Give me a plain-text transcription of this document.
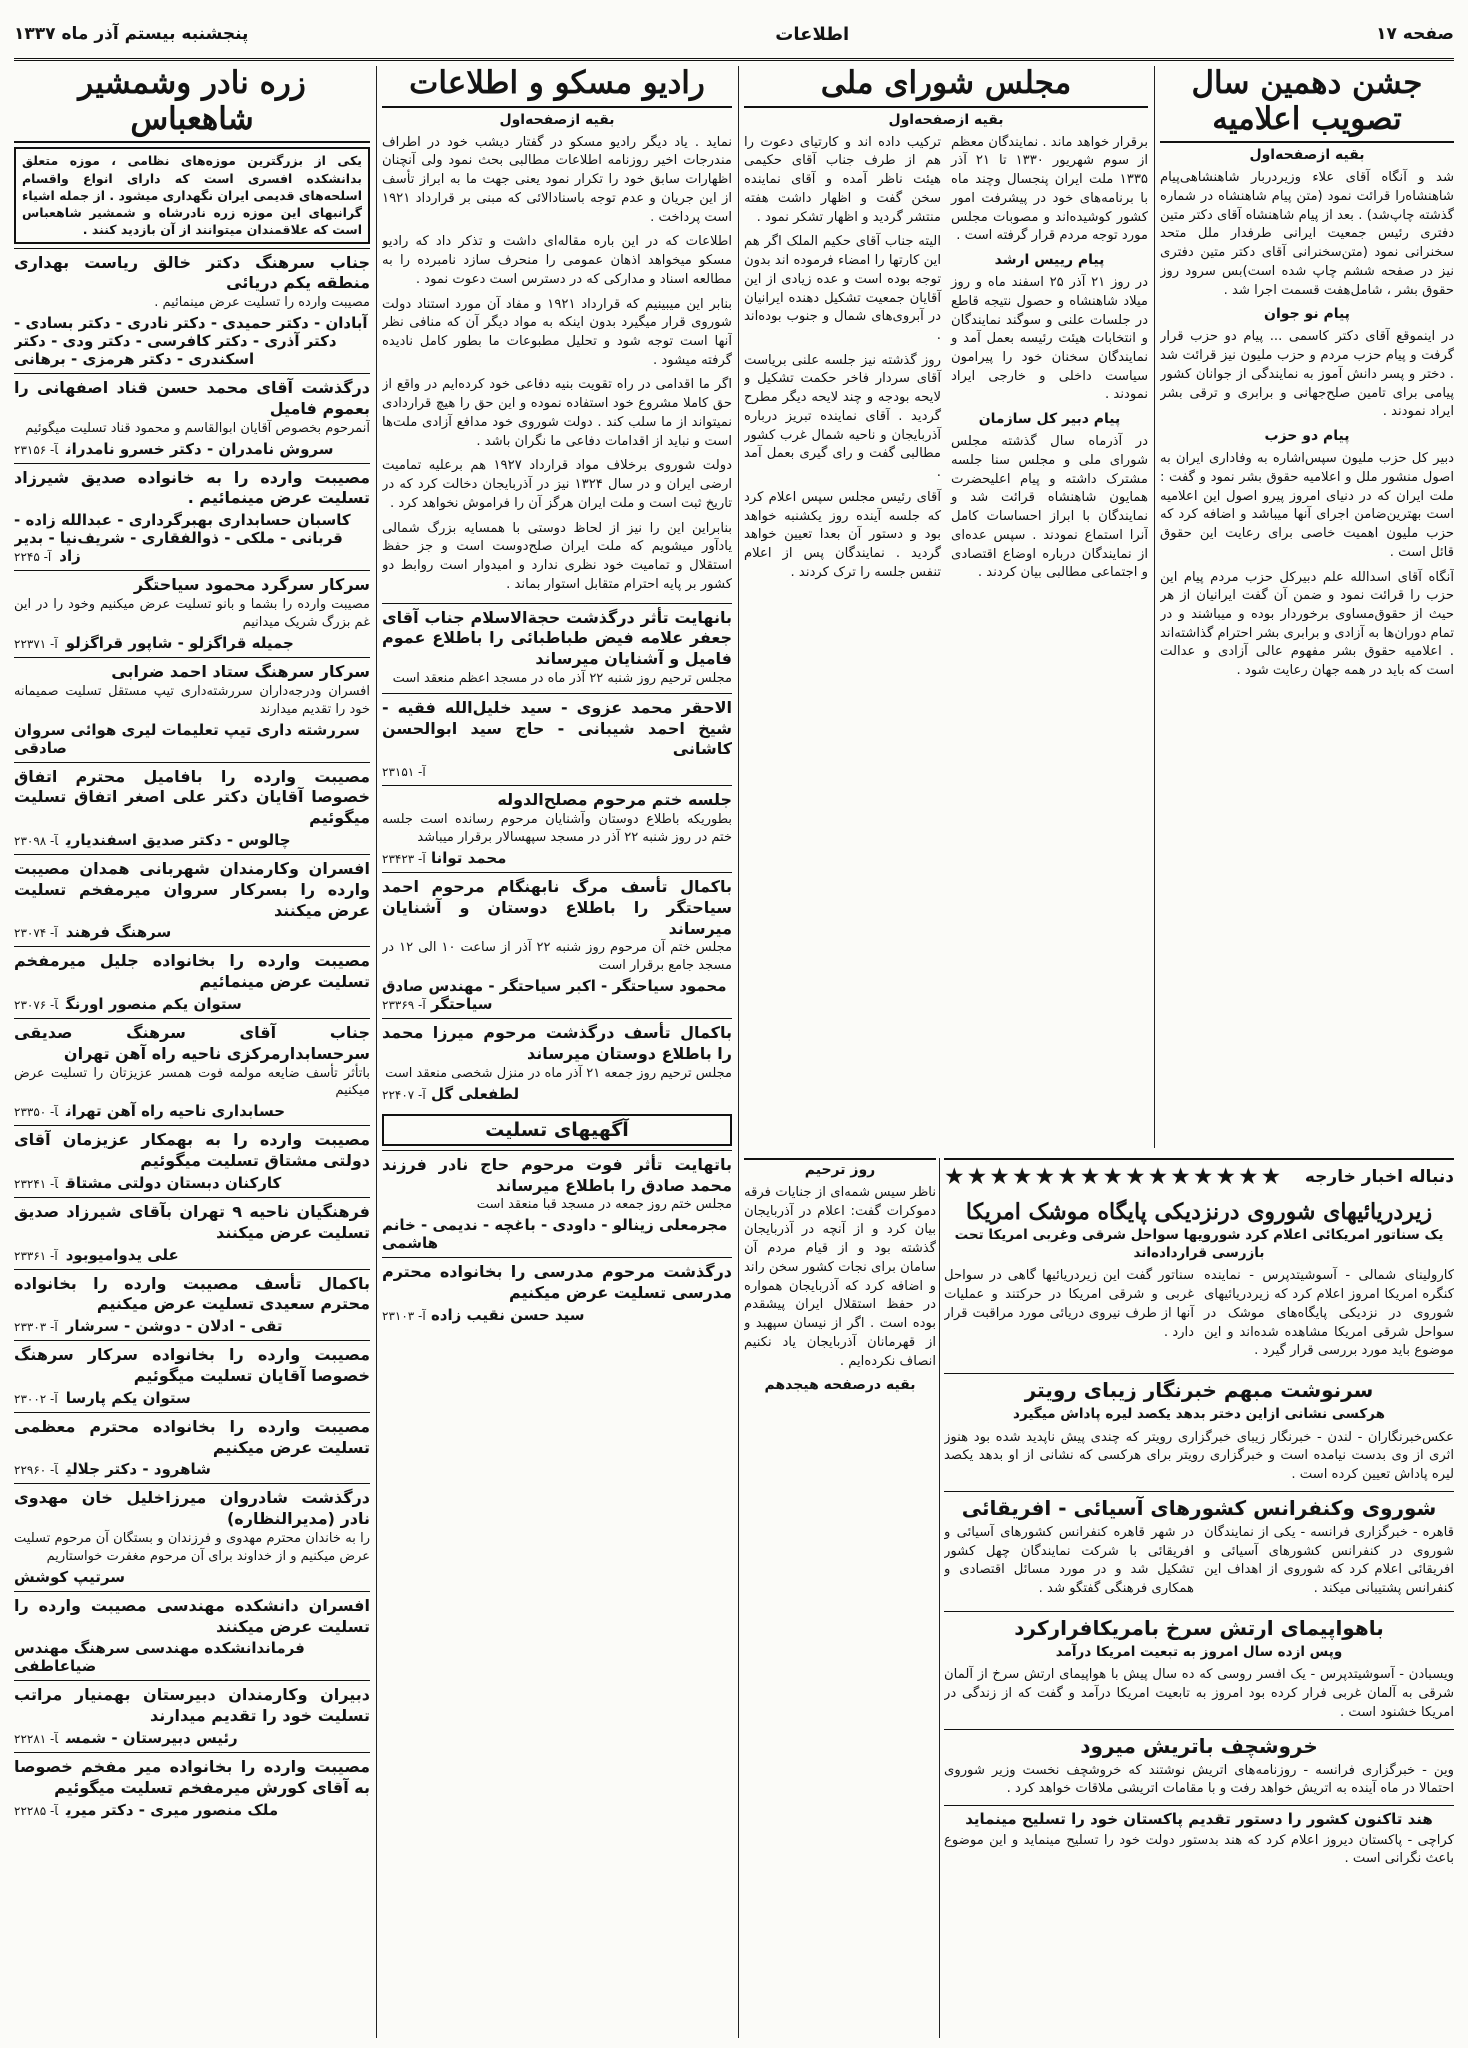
صفحه ۱۷
اطلاعات
پنجشنبه بیستم آذر ماه ۱۳۳۷
جشن دهمین سال تصویب اعلامیه
بقیه ازصفحه‌اول

شد و آنگاه آقای علاء وزیردربار شاهنشاهی‌پیام شاهنشاه‌را قرائت نمود (متن پیام شاهنشاه در شماره گذشته چاپ‌شد) . بعد از پیام شاهنشاه آقای دکتر متین دفتری رئیس جمعیت ایرانی طرفدار ملل متحد سخنرانی نمود (متن‌سخنرانی آقای دکتر متین دفتری نیز در صفحه ششم چاپ شده است)‌بس سرود روز حقوق بشر ، شامل‌هفت قسمت اجرا شد .

پیام نو جوان

در اینموقع آقای دکتر کاسمی ... پیام دو حزب قرار گرفت و پیام حزب مردم و حزب ملیون نیز قرائت شد . دختر و پسر دانش آموز به نمایندگی از جوانان کشور پیامی برای تامین صلح‌جهانی و برابری و ترقی بشر ایراد نمودند .

پیام دو حزب

دبیر کل حزب ملیون سپس‌اشاره به وفاداری ایران به اصول منشور ملل و اعلامیه حقوق بشر نمود و گفت : ملت ایران که در دنیای امروز پیرو اصول این اعلامیه است بهترین‌ضامن اجرای آنها میباشد و اضافه کرد که حزب ملیون اهمیت خاصی برای رعایت این حقوق قائل است .

آنگاه آقای اسدالله علم دبیرکل حزب مردم پیام این حزب را قرائت نمود و ضمن آن گفت ایرانیان از هر حیث از حقوق‌مساوی برخوردار بوده و میباشند و در تمام دوران‌ها به آزادی و برابری بشر احترام گذاشته‌اند . اعلامیه حقوق بشر مفهوم عالی آزادی و عدالت است که باید در همه جهان رعایت شود .

مجلس شورای ملی
بقیه ازصفحه‌اول

برقرار خواهد ماند . نمایندگان معظم از سوم شهریور ۱۳۳۰ تا ۲۱ آذر ۱۳۳۵ ملت ایران پنجسال وچند ماه با برنامه‌های خود در پیشرفت امور کشور کوشیده‌اند و مصوبات مجلس مورد توجه مردم قرار گرفته است .

پیام رییس ارشد

در روز ۲۱ آذر ۲۵ اسفند ماه و روز میلاد شاهنشاه و حصول نتیجه قاطع در جلسات علنی و سوگند نمایندگان و انتخابات هیئت رئیسه بعمل آمد و نمایندگان سخنان خود را پیرامون سیاست داخلی و خارجی ایراد نمودند .

پیام دبیر کل سازمان

در آذرماه سال گذشته مجلس شورای ملی و مجلس سنا جلسه مشترک داشته و پیام اعلیحضرت همایون شاهنشاه قرائت شد و نمایندگان با ابراز احساسات کامل آنرا استماع نمودند . سپس عده‌ای از نمایندگان درباره اوضاع اقتصادی و اجتماعی مطالبی بیان کردند .

ترکیب داده اند و کارتیای دعوت را هم از طرف جناب آقای حکیمی هیئت ناظر آمده و آقای نماینده سخن گفت و اظهار داشت هفته منتشر گردید و اظهار تشکر نمود .

الیته جناب آقای حکیم الملک اگر هم این کارتها را امضاء فرموده اند بدون توجه بوده است و عده زیادی از این آقایان جمعیت تشکیل دهنده ایرانیان در آبروی‌های شمال و جنوب بوده‌اند .

روز گذشته نیز جلسه علنی بریاست آقای سردار فاخر حکمت تشکیل و لایحه بودجه و چند لایحه دیگر مطرح گردید . آقای نماینده تبریز درباره آذربایجان و ناحیه شمال غرب کشور مطالبی گفت و رای گیری بعمل آمد .

آقای رئیس مجلس سپس اعلام کرد که جلسه آینده روز یکشنبه خواهد بود و دستور آن بعدا تعیین خواهد گردید . نمایندگان پس از اعلام تنفس جلسه را ترک کردند .

دنباله اخبار خارجه
★★★★★★★★★★★★★★★
زیردریائیهای شوروی درنزدیکی پایگاه موشک امریکا
یک سناتور امریکائی اعلام کرد شورویها سواحل شرقی وغربی امریکا تحت بازرسی قرارداده‌اند

کارولینای شمالی - آسوشیتدپرس - نماینده کنگره امریکا امروز اعلام کرد که زیردریائیهای شوروی در نزدیکی پایگاه‌های موشک در سواحل شرقی امریکا مشاهده شده‌اند و این موضوع باید مورد بررسی قرار گیرد .

سناتور گفت این زیردریائیها گاهی در سواحل غربی و شرقی امریکا در حرکتند و عملیات آنها از طرف نیروی دریائی مورد مراقبت قرار دارد .

سرنوشت مبهم خبرنگار زیبای رویتر
هرکسی نشانی ازاین دختر بدهد یکصد لیره پاداش میگیرد

عکس‌خبرنگاران - لندن - خبرنگار زیبای خبرگزاری رویتر که چندی پیش ناپدید شده بود هنوز اثری از وی بدست نیامده است و خبرگزاری رویتر برای هرکسی که نشانی از او بدهد یکصد لیره پاداش تعیین کرده است .

شوروی وکنفرانس کشورهای آسیائی - افریقائی

قاهره - خبرگزاری فرانسه - یکی از نمایندگان شوروی در کنفرانس کشورهای آسیائی و افریقائی اعلام کرد که شوروی از اهداف این کنفرانس پشتیبانی میکند .

در شهر قاهره کنفرانس کشورهای آسیائی و افریقائی با شرکت نمایندگان چهل کشور تشکیل شد و در مورد مسائل اقتصادی و همکاری فرهنگی گفتگو شد .

باهواپیمای ارتش سرخ بامریکافرارکرد
وپس ازده سال امروز به تبعیت امریکا درآمد

ویسبادن - آسوشیتدپرس - یک افسر روسی که ده سال پیش با هواپیمای ارتش سرخ از آلمان شرقی به آلمان غربی فرار کرده بود امروز به تابعیت امریکا درآمد و گفت که از زندگی در امریکا خشنود است .

خروشچف باتریش میرود

وین - خبرگزاری فرانسه - روزنامه‌های اتریش نوشتند که خروشچف نخست وزیر شوروی احتمالا در ماه آینده به اتریش خواهد رفت و با مقامات اتریشی ملاقات خواهد کرد .

هند تاکنون کشور را دستور تقدیم پاکستان خود را تسلیح مینماید

کراچی - پاکستان دیروز اعلام کرد که هند بدستور دولت خود را تسلیح مینماید و این موضوع باعث نگرانی است .

روز ترحیم

ناظر سیس شمه‌ای از جنایات فرقه دموکرات گفت: اعلام در آذربایجان بیان کرد و از آنچه در آذربایجان گذشته بود و از قیام مردم آن سامان برای نجات کشور سخن راند و اضافه کرد که آذربایجان همواره در حفظ استقلال ایران پیشقدم بوده است . اگر از نیسان سپهبد و از قهرمانان آذربایجان یاد نکنیم انصاف نکرده‌ایم .

بقیه درصفحه هیجدهم
رادیو مسکو و اطلاعات
بقیه ازصفحه‌اول

نماید . یاد دیگر رادیو مسکو در گفتار دیشب خود در اطراف مندرجات اخیر روزنامه اطلاعات مطالبی بحث نمود ولی آنچنان اظهارات سابق خود را تکرار نمود یعنی جهت ما به ابراز تأسف از این جریان و عدم توجه باسنادالائی که مبنی بر قرارداد ۱۹۲۱ است پرداخت .

اطلاعات که در این باره مقاله‌ای داشت و تذکر داد که رادیو مسکو میخواهد اذهان عمومی را منحرف سازد نامبرده را به مطالعه اسناد و مدارکی که در دسترس است دعوت نمود .

بنابر این میبینیم که قرارداد ۱۹۲۱ و مفاد آن مورد استناد دولت شوروی قرار میگیرد بدون اینکه به مواد دیگر آن که منافی نظر آنها است توجه شود و تحلیل مطبوعات ما بطور کامل نادیده گرفته میشود .

اگر ما اقدامی در راه تقویت بنیه دفاعی خود کرده‌ایم در واقع از حق کاملا مشروع خود استفاده نموده و این حق را هیچ قراردادی نمیتواند از ما سلب کند . دولت شوروی خود مدافع آزادی ملت‌ها است و نباید از اقدامات دفاعی ما نگران باشد .

دولت شوروی برخلاف مواد قرارداد ۱۹۲۷ هم برعلیه تمامیت ارضی ایران و در سال ۱۳۲۴ نیز در آذربایجان دخالت کرد که در تاریخ ثبت است و ملت ایران هرگز آن را فراموش نخواهد کرد .

بنابراین این را نیز از لحاظ دوستی با همسایه بزرگ شمالی یادآور میشویم که ملت ایران صلح‌دوست است و جز حفظ استقلال و تمامیت خود نظری ندارد و امیدوار است روابط دو کشور بر پایه احترام متقابل استوار بماند .

بانهایت تأثر درگذشت حجةالاسلام جناب آقای جعفر علامه فیض طباطبائی را باطلاع عموم فامیل و آشنایان میرساند
مجلس ترحیم روز شنبه ۲۲ آذر ماه در مسجد اعظم منعقد است
الاحقر محمد عزوی - سید خلیل‌الله فقیه - شیخ احمد شیبانی - حاج سید ابوالحسن کاشانی
آ- ۲۳۱۵۱
جلسه ختم مرحوم مصلح‌الدوله
بطوریکه باطلاع دوستان وآشنایان مرحوم رسانده است جلسه ختم در روز شنبه ۲۲ آذر در مسجد سپهسالار برقرار میباشد
محمد توانا آ- ۲۳۴۲۳
باکمال تأسف مرگ نابهنگام مرحوم احمد سیاحتگر را باطلاع دوستان و آشنایان میرساند
مجلس ختم آن مرحوم روز شنبه ۲۲ آذر از ساعت ۱۰ الی ۱۲ در مسجد جامع برقرار است
محمود سیاحتگر - اکبر سیاحتگر - مهندس صادق سیاحتگر آ- ۲۳۳۶۹
باکمال تأسف درگذشت مرحوم میرزا محمد را باطلاع دوستان میرساند
مجلس ترحیم روز جمعه ۲۱ آذر ماه در منزل شخصی منعقد است
لطفعلی گل آ- ۲۲۴۰۷
آگهیهای تسلیت
باتهایت تأثر فوت مرحوم حاج نادر فرزند محمد صادق را باطلاع میرساند
مجلس ختم روز جمعه در مسجد قبا منعقد است
مجرمعلی زینالو - داودی - باغچه - ندیمی - خانم هاشمی
درگذشت مرحوم مدرسی را بخانواده محترم مدرسی تسلیت عرض میکنیم
سید حسن نقیب زاده آ- ۲۳۱۰۳
زره نادر وشمشیر شاهعباس
یکی از بزرگترین موزه‌های نظامی ، موزه متعلق بدانشکده افسری است که دارای انواع واقسام اسلحه‌های قدیمی ایران نگهداری میشود . از جمله اشیاء گرانبهای این موزه زره نادرشاه و شمشیر شاهعباس است که علاقمندان میتوانند از آن بازدید کنند .
جناب سرهنگ دکتر خالق ریاست بهداری منطقه یکم دریائی
مصیبت وارده را تسلیت عرض مینمائیم .
آبادان - دکتر حمیدی - دکتر نادری - دکتر بسادی - دکتر آذری - دکتر کافرسی - دکتر ودی - دکتر اسکندری - دکتر هرمزی - برهانی
درگذشت آقای محمد حسن قناد اصفهانی را بعموم فامیل
آنمرحوم بخصوص آقایان ابوالقاسم و محمود قناد تسلیت میگوئیم
سروش نامدران - دکتر خسرو نامدرانآ- ۲۳۱۵۶
مصیبت وارده را به خانواده صدیق شیرزاد تسلیت عرض مینمائیم .
کاسبان حسابداری بهبرگرداری - عبدالله زاده - قربانی - ملکی - ذوالفقاری - شریف‌نیا - بدیر زادآ- ۲۲۴۵
سرکار سرگرد محمود سیاحتگر
مصیبت وارده را بشما و بانو تسلیت عرض میکنیم وخود را در این غم بزرگ شریک میدانیم
جمیله قراگزلو - شاپور قراگزلوآ- ۲۲۳۷۱
سرکار سرهنگ ستاد احمد ضرابی
افسران ودرجه‌داران سررشته‌داری تیپ مستقل تسلیت صمیمانه خود را تقدیم میدارند
سررشته داری تیپ تعلیمات لیری هوائی سروان صادقی
مصیبت وارده را بافامیل محترم اتفاق خصوصا آقایان دکتر علی اصغر اتفاق تسلیت میگوئیم
چالوس - دکتر صدیق اسفندیاریآ- ۲۳۰۹۸
افسران وکارمندان شهربانی همدان مصیبت وارده را بسرکار سروان میرمفخم تسلیت عرض میکنند
سرهنگ فرهندآ- ۲۳۰۷۴
مصیبت وارده را بخانواده جلیل میرمفخم تسلیت عرض مینمائیم
ستوان یکم منصور اورنگآ- ۲۳۰۷۶
جناب آقای سرهنگ صدیقی سرحسابدارمرکزی ناحیه راه آهن تهران
باتأثر تأسف ضایعه مولمه فوت همسر عزیزتان را تسلیت عرض میکنیم
حسابداری ناحیه راه آهن تهرانآ- ۲۳۳۵۰
مصیبت وارده را به بهمکار عزیزمان آقای دولتی مشتاق تسلیت میگوئیم
کارکنان دبستان دولتی مشتاقآ- ۲۳۲۴۱
فرهنگیان ناحیه ۹ تهران بآقای شیرزاد صدیق تسلیت عرض میکنند
علی یدوامیوبودآ- ۲۳۳۶۱
باکمال تأسف مصیبت وارده را بخانواده محترم سعیدی تسلیت عرض میکنیم
تقی - ادلان - دوشن - سرشارآ- ۲۳۳۰۳
مصیبت وارده را بخانواده سرکار سرهنگ خصوصا آقایان تسلیت میگوئیم
ستوان یکم پارساآ- ۲۳۰۰۲
مصیبت وارده را بخانواده محترم معظمی تسلیت عرض میکنیم
شاهرود - دکتر جلالیآ- ۲۲۹۶۰
درگذشت شادروان میرزاخلیل خان مهدوی نادر (مدیرالنظاره)
را به خاندان محترم مهدوی و فرزندان و بستگان آن مرحوم تسلیت عرض میکنیم و از خداوند برای آن مرحوم مغفرت خواستاریم
سرتیپ کوشش
افسران دانشکده مهندسی مصیبت وارده را تسلیت عرض میکنند
فرماندانشکده مهندسی سرهنگ مهندس ضیاعاطفی
دبیران وکارمندان دبیرستان بهمنیار مراتب تسلیت خود را تقدیم میدارند
رئیس دبیرستان - شمسآ- ۲۲۲۸۱
مصیبت وارده را بخانواده میر مفخم خصوصا به آقای کورش میرمفخم تسلیت میگوئیم
ملک منصور میری - دکتر میریآ- ۲۲۲۸۵
